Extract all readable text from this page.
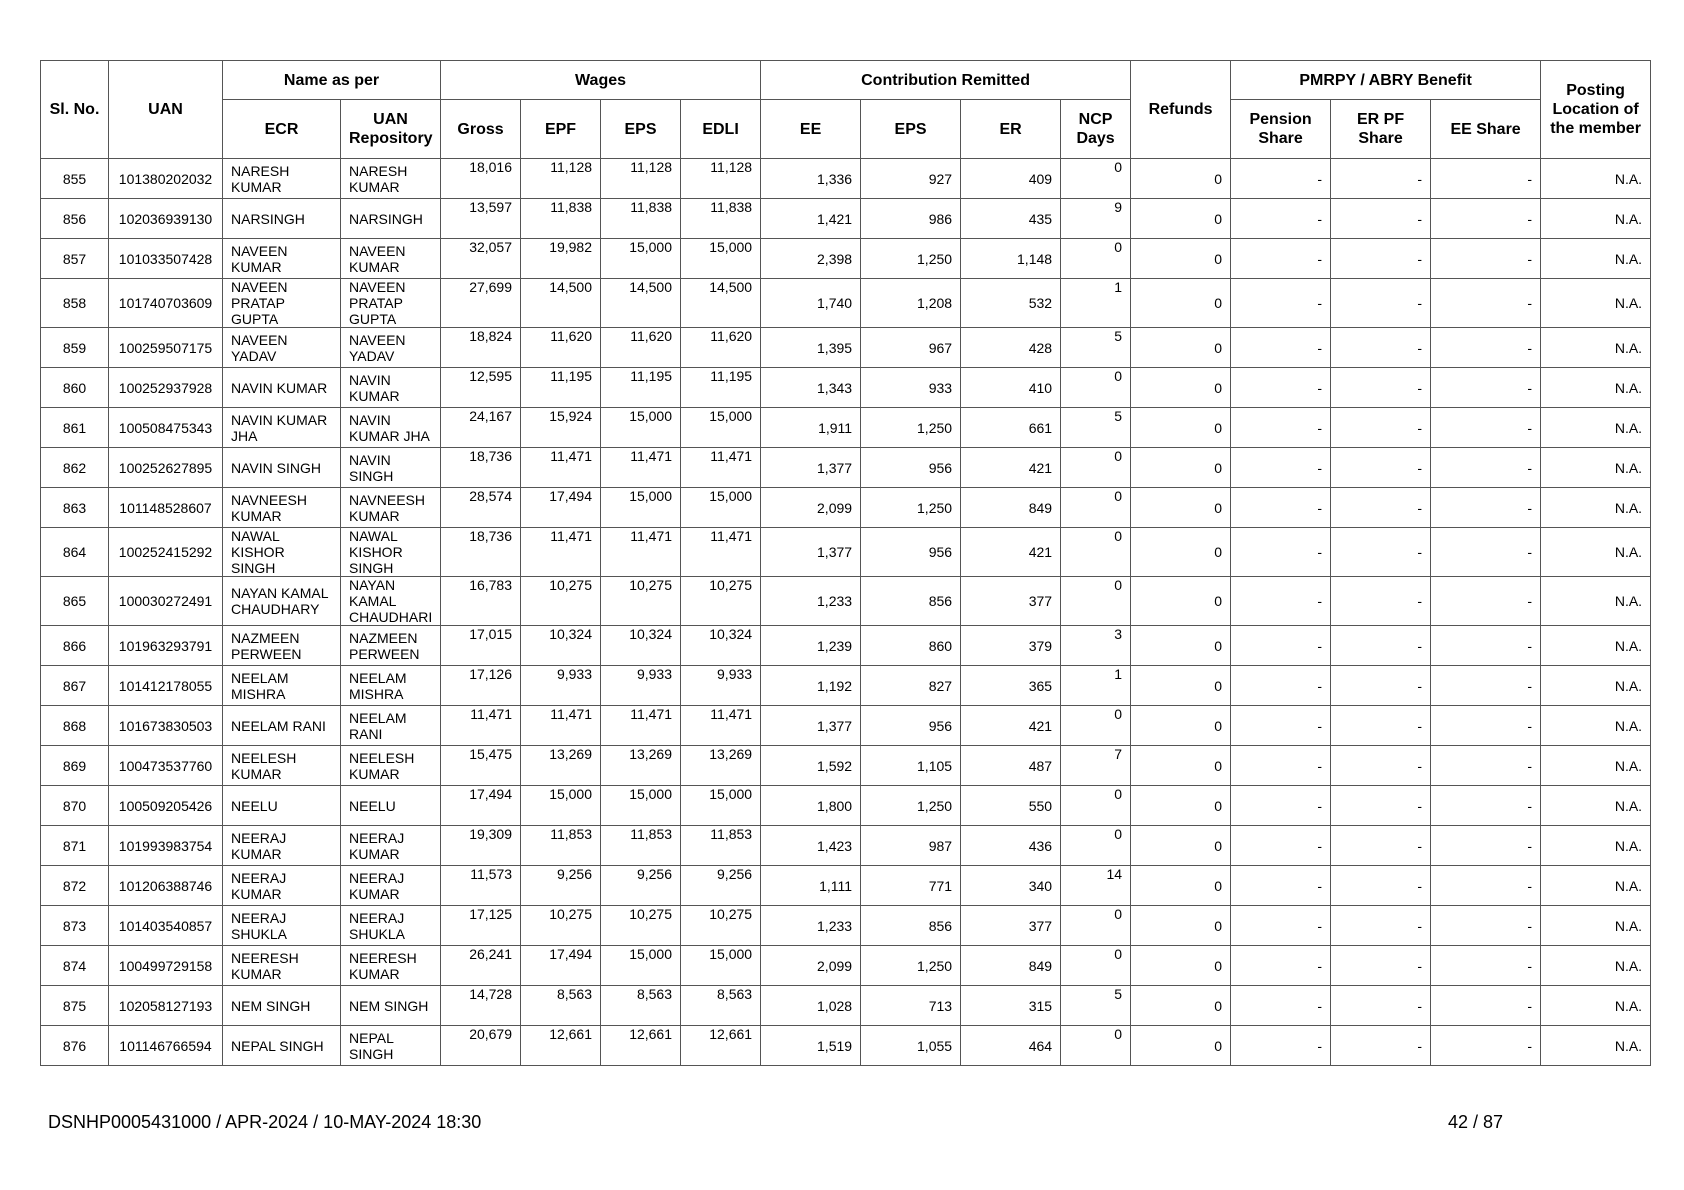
Sl. No.	UAN	Name as per		Wages				Contribution Remitted				Refunds	PMRPY / ABRY Benefit			Posting Location of the member
		ECR	UAN Repository	Gross	EPF	EPS	EDLI	EE	EPS	ER	NCP Days		Pension Share	ER PF Share	EE Share	
855	101380202032	NARESH KUMAR	NARESH KUMAR	18,016	11,128	11,128	11,128	1,336	927	409	0	0	-	-	-	N.A.
856	102036939130	NARSINGH	NARSINGH	13,597	11,838	11,838	11,838	1,421	986	435	9	0	-	-	-	N.A.
857	101033507428	NAVEEN KUMAR	NAVEEN KUMAR	32,057	19,982	15,000	15,000	2,398	1,250	1,148	0	0	-	-	-	N.A.
858	101740703609	NAVEEN PRATAP GUPTA	NAVEEN PRATAP GUPTA	27,699	14,500	14,500	14,500	1,740	1,208	532	1	0	-	-	-	N.A.
859	100259507175	NAVEEN YADAV	NAVEEN YADAV	18,824	11,620	11,620	11,620	1,395	967	428	5	0	-	-	-	N.A.
860	100252937928	NAVIN KUMAR	NAVIN KUMAR	12,595	11,195	11,195	11,195	1,343	933	410	0	0	-	-	-	N.A.
861	100508475343	NAVIN KUMAR JHA	NAVIN KUMAR JHA	24,167	15,924	15,000	15,000	1,911	1,250	661	5	0	-	-	-	N.A.
862	100252627895	NAVIN SINGH	NAVIN SINGH	18,736	11,471	11,471	11,471	1,377	956	421	0	0	-	-	-	N.A.
863	101148528607	NAVNEESH KUMAR	NAVNEESH KUMAR	28,574	17,494	15,000	15,000	2,099	1,250	849	0	0	-	-	-	N.A.
864	100252415292	NAWAL KISHOR SINGH	NAWAL KISHOR SINGH	18,736	11,471	11,471	11,471	1,377	956	421	0	0	-	-	-	N.A.
865	100030272491	NAYAN KAMAL CHAUDHARY	NAYAN KAMAL CHAUDHARI	16,783	10,275	10,275	10,275	1,233	856	377	0	0	-	-	-	N.A.
866	101963293791	NAZMEEN PERWEEN	NAZMEEN PERWEEN	17,015	10,324	10,324	10,324	1,239	860	379	3	0	-	-	-	N.A.
867	101412178055	NEELAM MISHRA	NEELAM MISHRA	17,126	9,933	9,933	9,933	1,192	827	365	1	0	-	-	-	N.A.
868	101673830503	NEELAM RANI	NEELAM RANI	11,471	11,471	11,471	11,471	1,377	956	421	0	0	-	-	-	N.A.
869	100473537760	NEELESH KUMAR	NEELESH KUMAR	15,475	13,269	13,269	13,269	1,592	1,105	487	7	0	-	-	-	N.A.
870	100509205426	NEELU	NEELU	17,494	15,000	15,000	15,000	1,800	1,250	550	0	0	-	-	-	N.A.
871	101993983754	NEERAJ KUMAR	NEERAJ KUMAR	19,309	11,853	11,853	11,853	1,423	987	436	0	0	-	-	-	N.A.
872	101206388746	NEERAJ KUMAR	NEERAJ KUMAR	11,573	9,256	9,256	9,256	1,111	771	340	14	0	-	-	-	N.A.
873	101403540857	NEERAJ SHUKLA	NEERAJ SHUKLA	17,125	10,275	10,275	10,275	1,233	856	377	0	0	-	-	-	N.A.
874	100499729158	NEERESH KUMAR	NEERESH KUMAR	26,241	17,494	15,000	15,000	2,099	1,250	849	0	0	-	-	-	N.A.
875	102058127193	NEM SINGH	NEM SINGH	14,728	8,563	8,563	8,563	1,028	713	315	5	0	-	-	-	N.A.
876	101146766594	NEPAL SINGH	NEPAL SINGH	20,679	12,661	12,661	12,661	1,519	1,055	464	0	0	-	-	-	N.A.
DSNHP0005431000 / APR-2024 / 10-MAY-2024 18:30	42 / 87
